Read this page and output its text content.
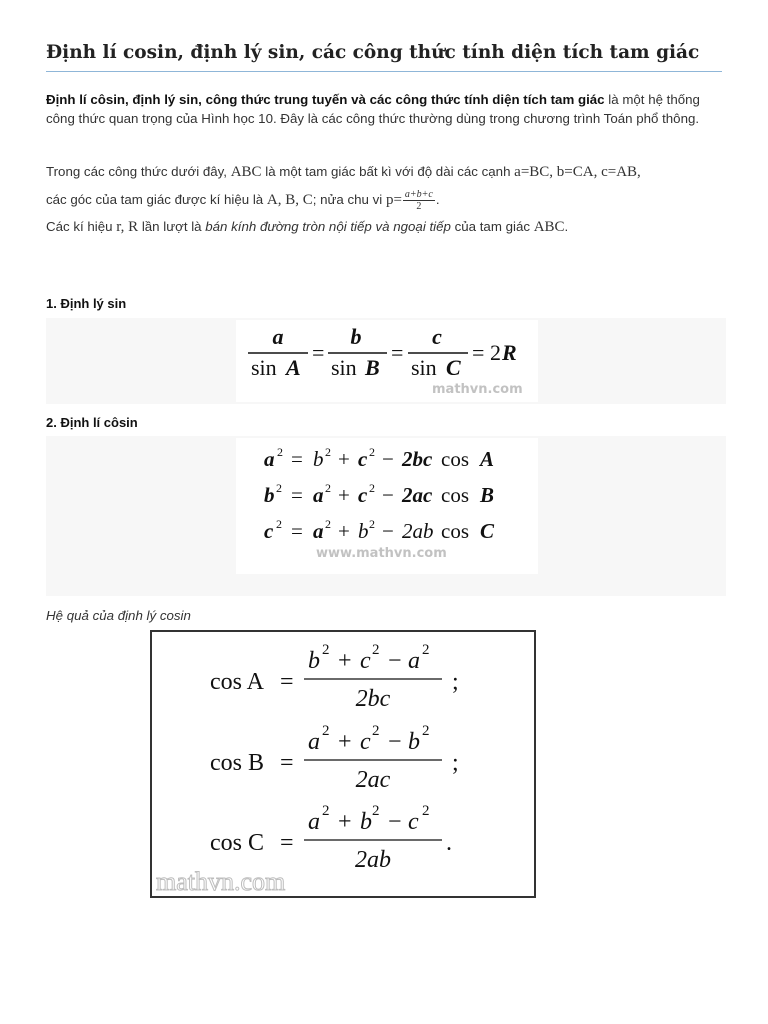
Định lí cosin, định lý sin, các công thức tính diện tích tam giác
Định lí côsin, định lý sin, công thức trung tuyến và các công thức tính diện tích tam giác là một hệ thống công thức quan trọng của Hình học 10. Đây là các công thức thường dùng trong chương trình Toán phổ thông.
Trong các công thức dưới đây, ABC là một tam giác bất kì với độ dài các cạnh a=BC, b=CA, c=AB,
các góc của tam giác được kí hiệu là A, B, C; nửa chu vi $p= \frac{a+b+c}{2}$ .
Các kí hiệu r, R lần lượt là bán kính đường tròn nội tiếp và ngoại tiếp của tam giác ABC.
1. Định lý sin
a
sin A
=
b
sin B
=
c
sin C
= 2 R
mathvn.com
2. Định lí côsin
a 2 = b 2 + c 2 − 2bc cos A
b 2 = a 2 + c 2 − 2ac cos B
c 2 = a 2 + b 2 − 2ab cos C
www.mathvn.com
Hệ quả của định lý cosin
cos A =
b 2 + c 2 − a 2
2bc
;
cos B =
a 2 + c 2 − b 2
2ac
;
cos C =
a 2 + b 2 − c 2
2ab
.
mathvn.com
